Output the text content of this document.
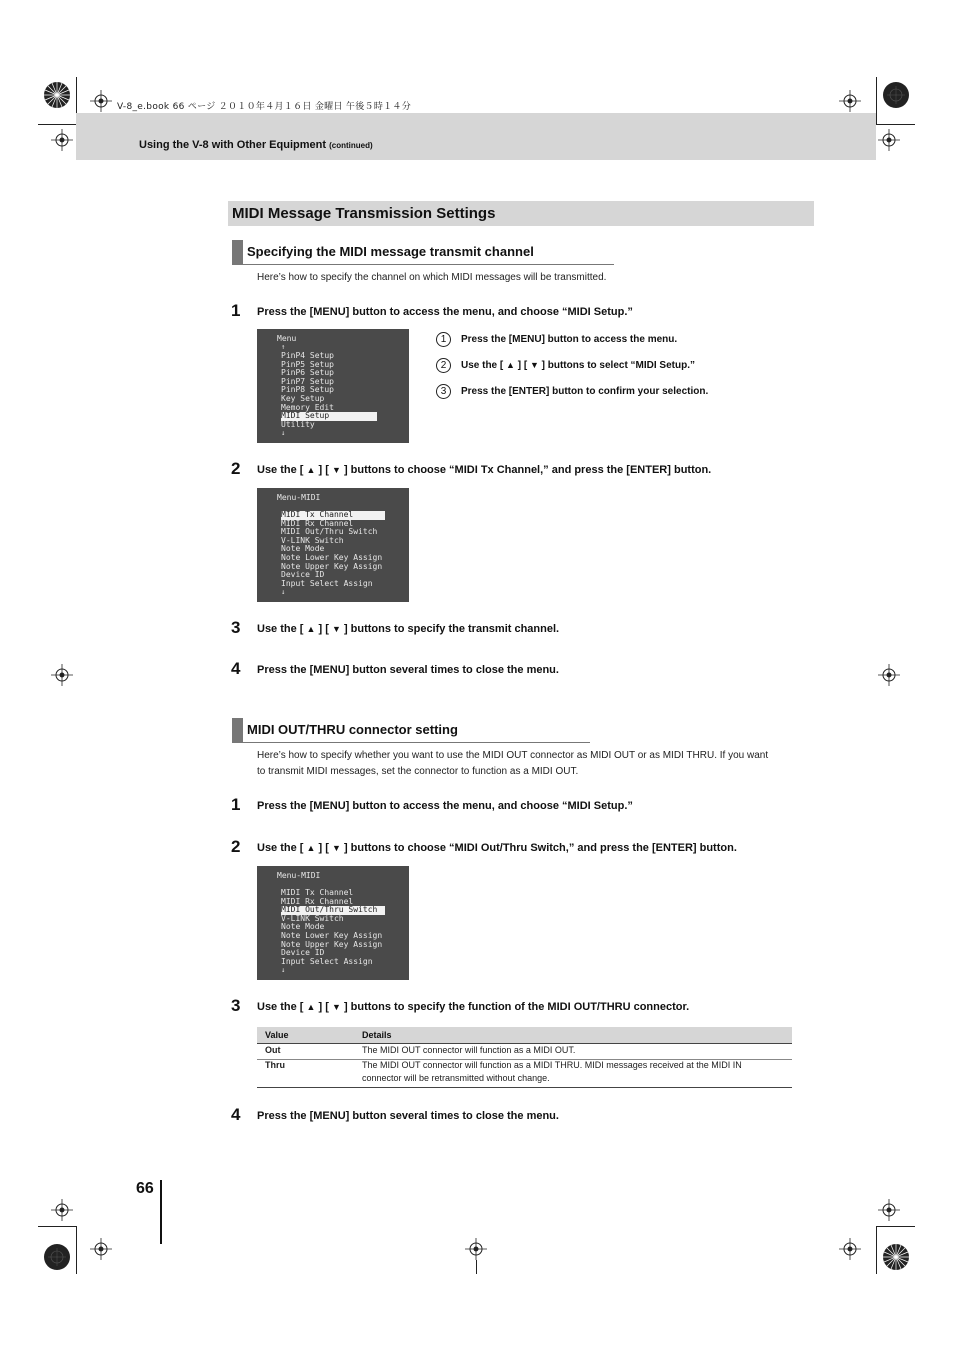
V-8_e.book 66 ページ ２０１０年４月１６日 金曜日 午後５時１４分
Using the V-8 with Other Equipment (continued)
MIDI Message Transmission Settings
Specifying the MIDI message transmit channel
Here’s how to specify the channel on which MIDI messages will be transmitted.
1 Press the [MENU] button to access the menu, and choose “MIDI Setup.”
Menu
↑
PinP4 Setup
PinP5 Setup
PinP6 Setup
PinP7 Setup
PinP8 Setup
Key Setup
Memory Edit
MIDI Setup
Utility
↓
1	Press the [MENU] button to access the menu.
2	Use the [ ▲ ] [ ▼ ] buttons to select “MIDI Setup.”
3	Press the [ENTER] button to confirm your selection.
2 Use the [ ▲ ] [ ▼ ] buttons to choose “MIDI Tx Channel,” and press the [ENTER] button.
Menu-MIDI
MIDI Tx Channel
MIDI Rx Channel
MIDI Out/Thru Switch
V-LINK Switch
Note Mode
Note Lower Key Assign
Note Upper Key Assign
Device ID
Input Select Assign
↓
3 Use the [ ▲ ] [ ▼ ] buttons to specify the transmit channel.
4 Press the [MENU] button several times to close the menu.
MIDI OUT/THRU connector setting
Here’s how to specify whether you want to use the MIDI OUT connector as MIDI OUT or as MIDI THRU. If you want
to transmit MIDI messages, set the connector to function as a MIDI OUT.
1 Press the [MENU] button to access the menu, and choose “MIDI Setup.”
2 Use the [ ▲ ] [ ▼ ] buttons to choose “MIDI Out/Thru Switch,” and press the [ENTER] button.
Menu-MIDI
MIDI Tx Channel
MIDI Rx Channel
MIDI Out/Thru Switch
V-LINK Switch
Note Mode
Note Lower Key Assign
Note Upper Key Assign
Device ID
Input Select Assign
↓
3 Use the [ ▲ ] [ ▼ ] buttons to specify the function of the MIDI OUT/THRU connector.
Value	Details
Out	The MIDI OUT connector will function as a MIDI OUT.
Thru	The MIDI OUT connector will function as a MIDI THRU. MIDI messages received at the MIDI IN
connector will be retransmitted without change.
4 Press the [MENU] button several times to close the menu.
66
